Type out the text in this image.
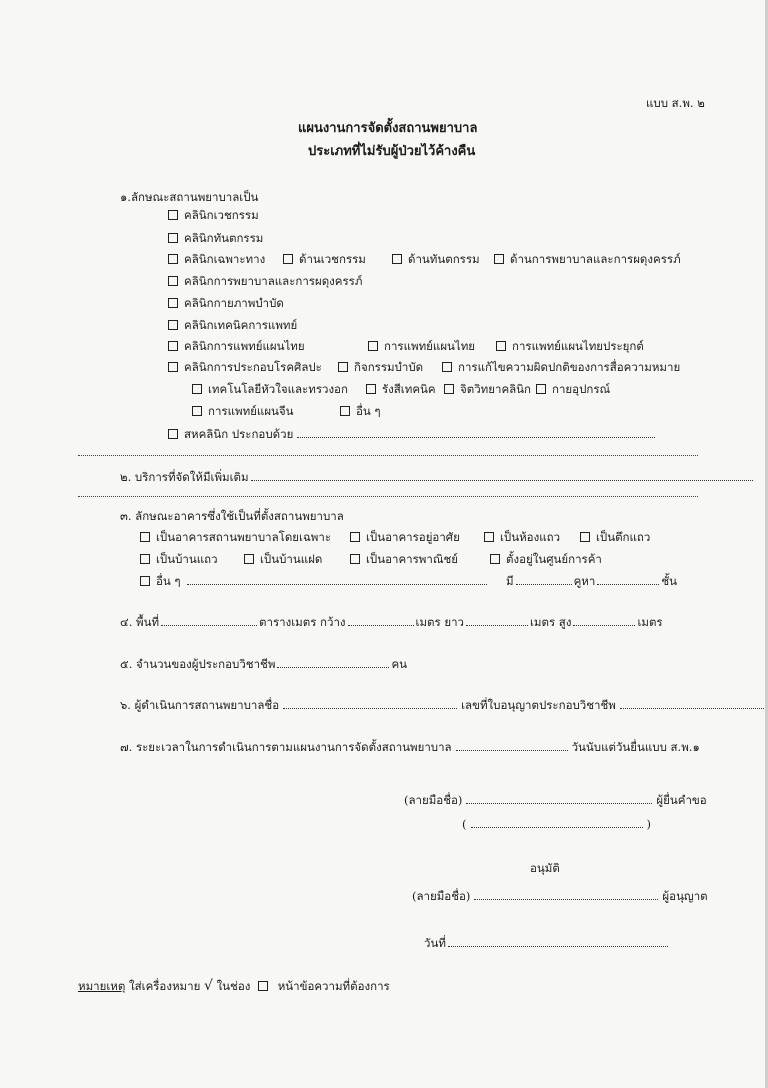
แบบ ส.พ. ๒
แผนงานการจัดตั้งสถานพยาบาล
ประเภทที่ไม่รับผู้ป่วยไว้ค้างคืน
๑.ลักษณะสถานพยาบาลเป็น
คลินิกเวชกรรม
คลินิกทันตกรรม
คลินิกเฉพาะทาง	ด้านเวชกรรม	ด้านทันตกรรม	ด้านการพยาบาลและการผดุงครรภ์
คลินิกการพยาบาลและการผดุงครรภ์
คลินิกกายภาพบำบัด
คลินิกเทคนิคการแพทย์
คลินิกการแพทย์แผนไทย	การแพทย์แผนไทย	การแพทย์แผนไทยประยุกต์
คลินิกการประกอบโรคศิลปะ	กิจกรรมบำบัด	การแก้ไขความผิดปกติของการสื่อความหมาย
เทคโนโลยีหัวใจและทรวงอก	รังสีเทคนิค	จิตวิทยาคลินิก	กายอุปกรณ์
การแพทย์แผนจีน	อื่น ๆ
สหคลินิก ประกอบด้วย
๒. บริการที่จัดให้มีเพิ่มเติม
๓. ลักษณะอาคารซึ่งใช้เป็นที่ตั้งสถานพยาบาล
เป็นอาคารสถานพยาบาลโดยเฉพาะ	เป็นอาคารอยู่อาศัย	เป็นห้องแถว	เป็นตึกแถว
เป็นบ้านแถว	เป็นบ้านแฝด	เป็นอาคารพาณิชย์	ตั้งอยู่ในศูนย์การค้า
อื่น ๆ	มี	คูหา	ชั้น
๔. พื้นที่	ตารางเมตร กว้าง	เมตร ยาว	เมตร สูง	เมตร
๕. จำนวนของผู้ประกอบวิชาชีพ	คน
๖. ผู้ดำเนินการสถานพยาบาลชื่อ	เลขที่ใบอนุญาตประกอบวิชาชีพ
๗. ระยะเวลาในการดำเนินการตามแผนงานการจัดตั้งสถานพยาบาล	วันนับแต่วันยื่นแบบ ส.พ.๑
(ลายมือชื่อ)	ผู้ยื่นคำขอ
(	)
อนุมัติ
(ลายมือชื่อ)	ผู้อนุญาต
วันที่
หมายเหตุ ใส่เครื่องหมาย √ ในช่อง หน้าข้อความที่ต้องการ
